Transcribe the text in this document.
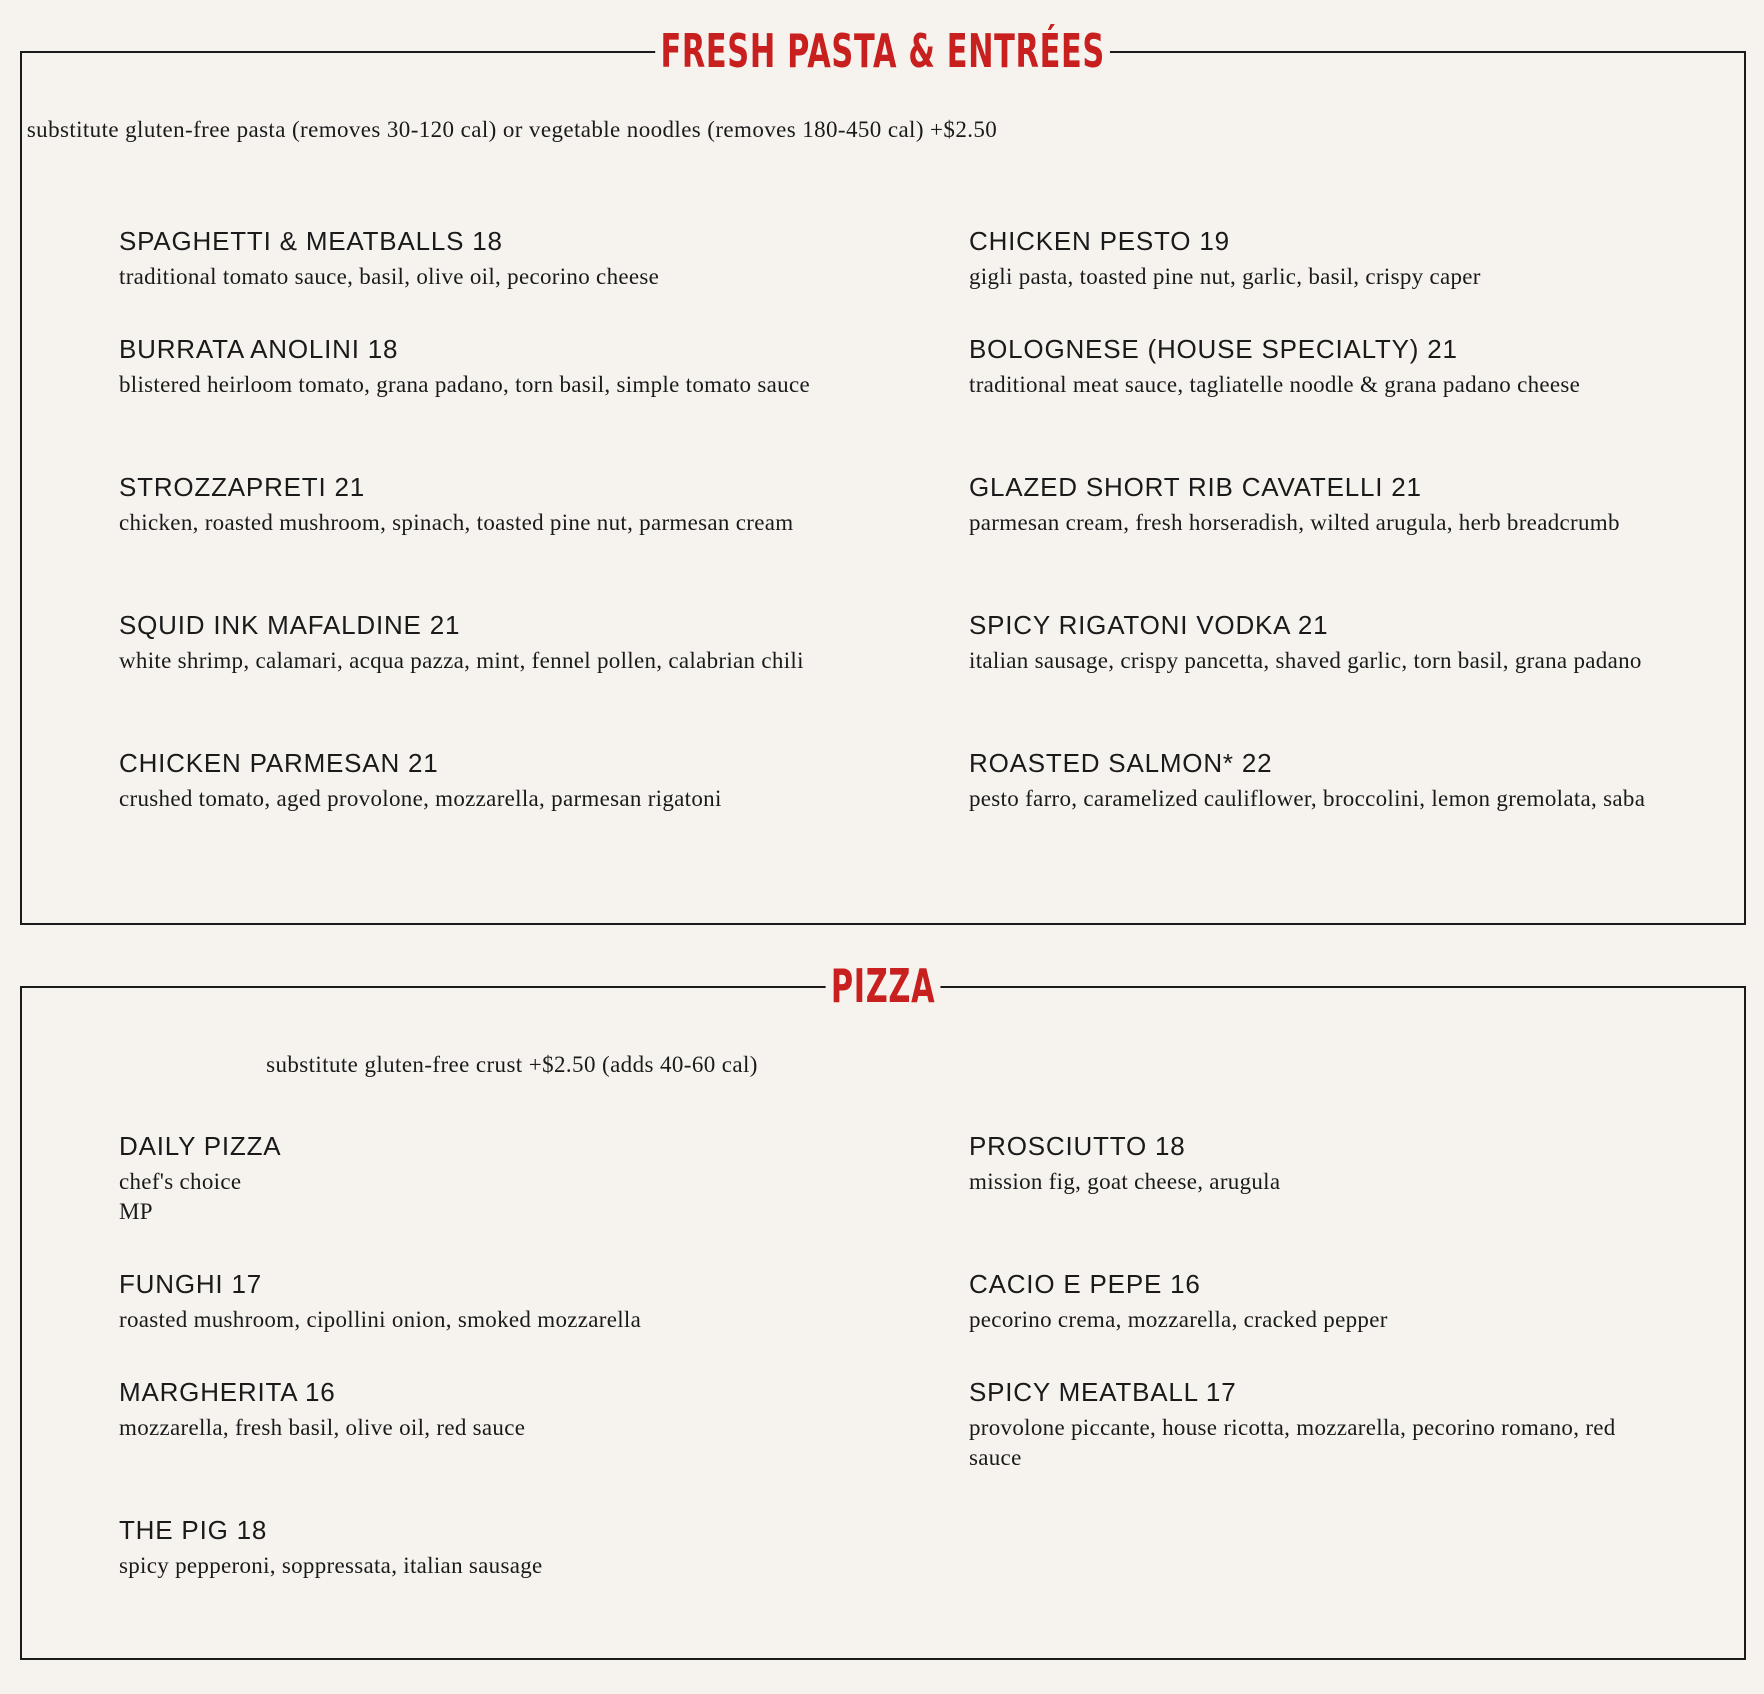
FRESH PASTA & ENTRÉES

substitute gluten-free pasta (removes 30-120 cal) or vegetable noodles (removes 180-450 cal) +$2.50

SPAGHETTI & MEATBALLS 18
traditional tomato sauce, basil, olive oil, pecorino cheese
CHICKEN PESTO 19
gigli pasta, toasted pine nut, garlic, basil, crispy caper
BURRATA ANOLINI 18
blistered heirloom tomato, grana padano, torn basil, simple tomato sauce
BOLOGNESE (HOUSE SPECIALTY) 21
traditional meat sauce, tagliatelle noodle & grana padano cheese
STROZZAPRETI 21
chicken, roasted mushroom, spinach, toasted pine nut, parmesan cream
GLAZED SHORT RIB CAVATELLI 21
parmesan cream, fresh horseradish, wilted arugula, herb breadcrumb
SQUID INK MAFALDINE 21
white shrimp, calamari, acqua pazza, mint, fennel pollen, calabrian chili
SPICY RIGATONI VODKA 21
italian sausage, crispy pancetta, shaved garlic, torn basil, grana padano
CHICKEN PARMESAN 21
crushed tomato, aged provolone, mozzarella, parmesan rigatoni
ROASTED SALMON* 22
pesto farro, caramelized cauliflower, broccolini, lemon gremolata, saba
PIZZA

substitute gluten-free crust +$2.50 (adds 40-60 cal)

DAILY PIZZA
chef's choice
MP
PROSCIUTTO 18
mission fig, goat cheese, arugula
FUNGHI 17
roasted mushroom, cipollini onion, smoked mozzarella
CACIO E PEPE 16
pecorino crema, mozzarella, cracked pepper
MARGHERITA 16
mozzarella, fresh basil, olive oil, red sauce
SPICY MEATBALL 17
provolone piccante, house ricotta, mozzarella, pecorino romano, red sauce
THE PIG 18
spicy pepperoni, soppressata, italian sausage
